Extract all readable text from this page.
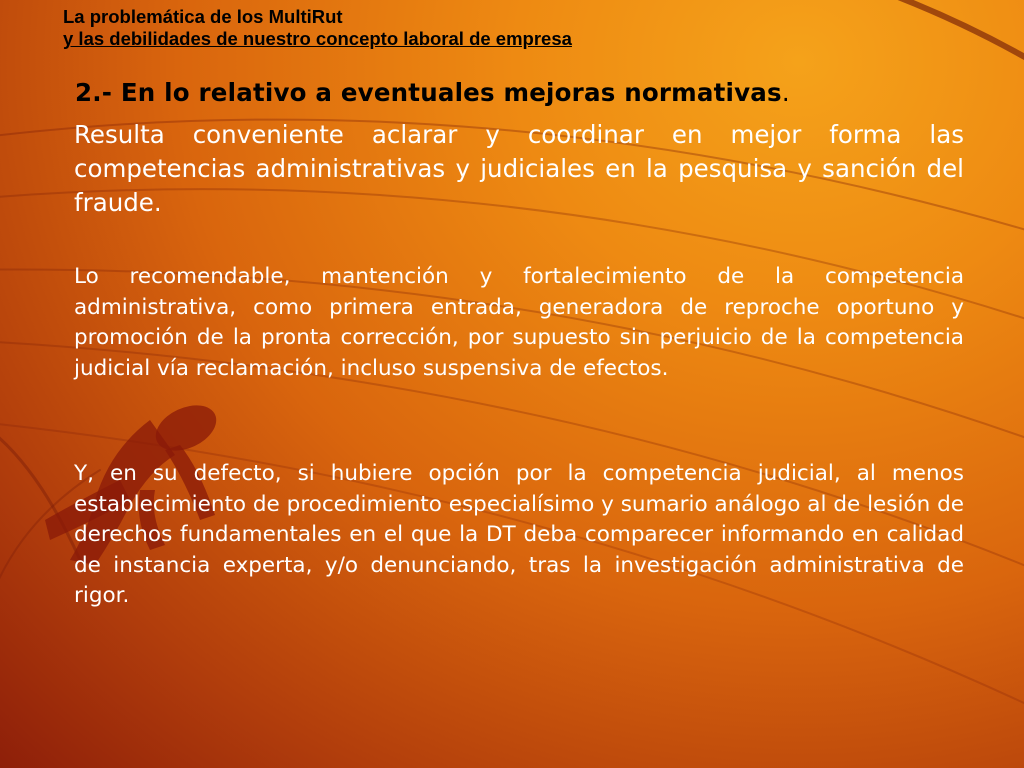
La problemática de los MultiRut
y las debilidades de nuestro concepto laboral de empresa
2.- En lo relativo a eventuales mejoras normativas.

Resulta conveniente aclarar y coordinar en mejor forma las competencias administrativas y judiciales en la pesquisa y sanción del fraude.

Lo recomendable, mantención y fortalecimiento de la competencia administrativa, como primera entrada, generadora de reproche oportuno y promoción de la pronta corrección, por supuesto sin perjuicio de la competencia judicial vía reclamación, incluso suspensiva de efectos.

Y, en su defecto, si hubiere opción por la competencia judicial, al menos establecimiento de procedimiento especialísimo y sumario análogo al de lesión de derechos fundamentales en el que la DT deba comparecer informando en calidad de instancia experta, y/o denunciando, tras la investigación administrativa de rigor.
